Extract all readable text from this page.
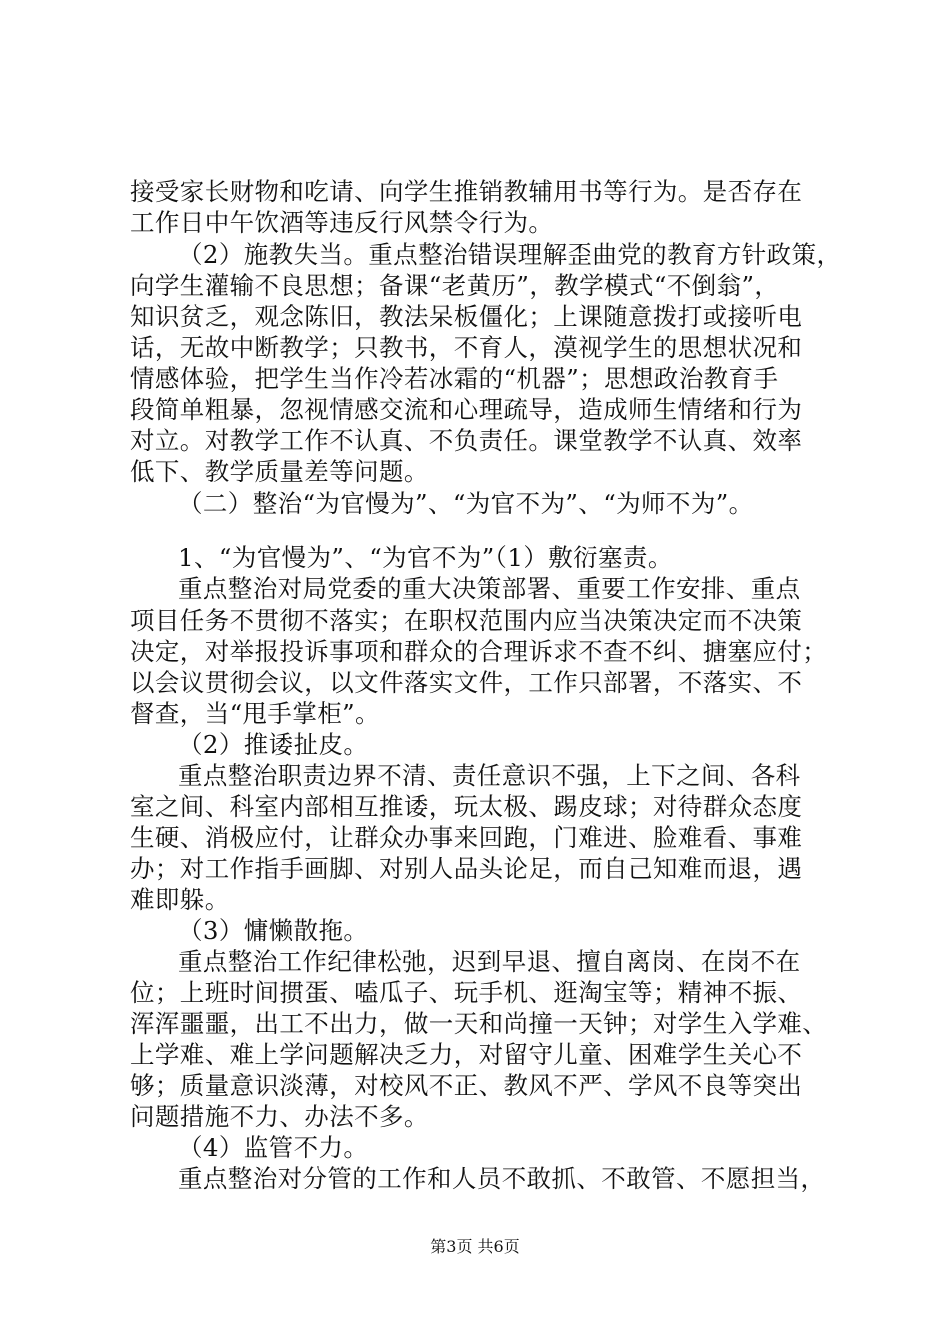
接受家长财物和吃请、向学生推销教辅用书等行为。是否存在
工作日中午饮酒等违反行风禁令行为。
（2）施教失当。重点整治错误理解歪曲党的教育方针政策，
向学生灌输不良思想；备课“老黄历”，教学模式“不倒翁”，
知识贫乏，观念陈旧，教法呆板僵化；上课随意拨打或接听电
话，无故中断教学；只教书，不育人，漠视学生的思想状况和
情感体验，把学生当作冷若冰霜的“机器”；思想政治教育手
段简单粗暴，忽视情感交流和心理疏导，造成师生情绪和行为
对立。对教学工作不认真、不负责任。课堂教学不认真、效率
低下、教学质量差等问题。
（二）整治“为官慢为”、“为官不为”、“为师不为”。
1、“为官慢为”、“为官不为”（1）敷衍塞责。
重点整治对局党委的重大决策部署、重要工作安排、重点
项目任务不贯彻不落实；在职权范围内应当决策决定而不决策
决定，对举报投诉事项和群众的合理诉求不查不纠、搪塞应付；
以会议贯彻会议，以文件落实文件，工作只部署，不落实、不
督查，当“甩手掌柜”。
（2）推诿扯皮。
重点整治职责边界不清、责任意识不强，上下之间、各科
室之间、科室内部相互推诿，玩太极、踢皮球；对待群众态度
生硬、消极应付，让群众办事来回跑，门难进、脸难看、事难
办；对工作指手画脚、对别人品头论足，而自己知难而退，遇
难即躲。
（3）慵懒散拖。
重点整治工作纪律松弛，迟到早退、擅自离岗、在岗不在
位；上班时间掼蛋、嗑瓜子、玩手机、逛淘宝等；精神不振、
浑浑噩噩，出工不出力，做一天和尚撞一天钟；对学生入学难、
上学难、难上学问题解决乏力，对留守儿童、困难学生关心不
够；质量意识淡薄，对校风不正、教风不严、学风不良等突出
问题措施不力、办法不多。
（4）监管不力。
重点整治对分管的工作和人员不敢抓、不敢管、不愿担当，
第3页 共6页
